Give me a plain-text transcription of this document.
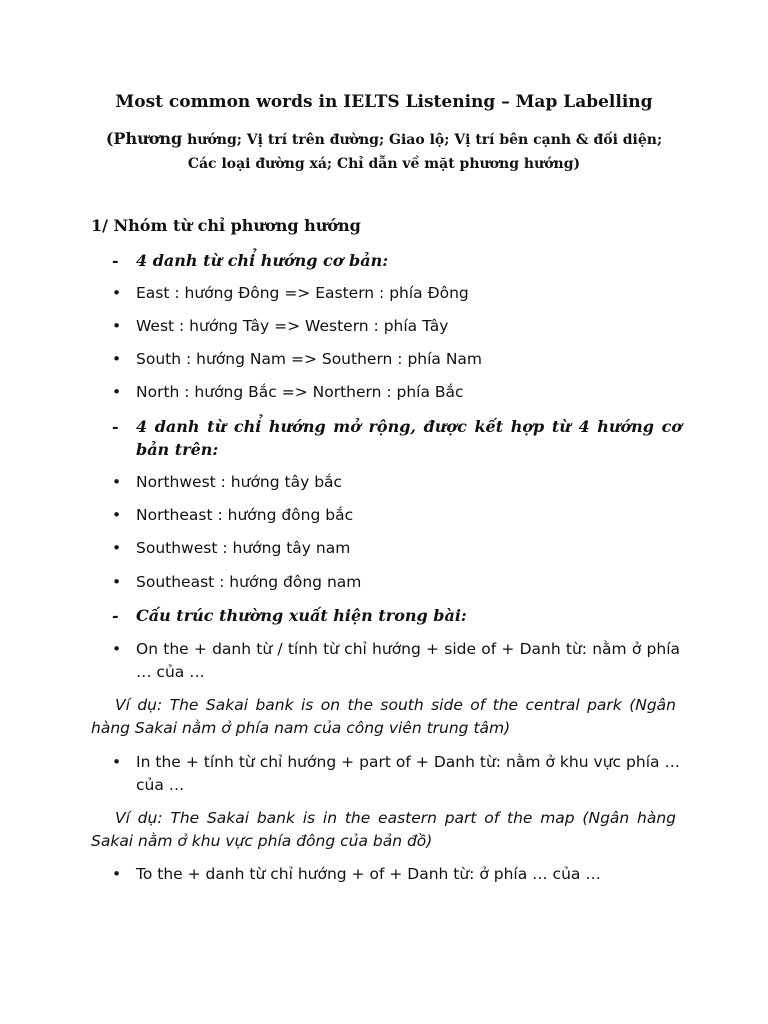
Most common words in IELTS Listening – Map Labelling
(Phương hướng; Vị trí trên đường; Giao lộ; Vị trí bên cạnh & đối diện; Các loại đường xá; Chỉ dẫn về mặt phương hướng)
1/ Nhóm từ chỉ phương hướng
- 4 danh từ chỉ hướng cơ bản:
• East : hướng Đông => Eastern : phía Đông
• West : hướng Tây => Western : phía Tây
• South : hướng Nam => Southern : phía Nam
• North : hướng Bắc => Northern : phía Bắc
- 4 danh từ chỉ hướng mở rộng, được kết hợp từ 4 hướng cơ bản trên:
• Northwest : hướng tây bắc
• Northeast : hướng đông bắc
• Southwest : hướng tây nam
• Southeast : hướng đông nam
- Cấu trúc thường xuất hiện trong bài:
• On the + danh từ / tính từ chỉ hướng + side of + Danh từ: nằm ở phía … của …
Ví dụ: The Sakai bank is on the south side of the central park (Ngân hàng Sakai nằm ở phía nam của công viên trung tâm)
• In the + tính từ chỉ hướng + part of + Danh từ: nằm ở khu vực phía … của …
Ví dụ: The Sakai bank is in the eastern part of the map (Ngân hàng Sakai nằm ở khu vực phía đông của bản đồ)
• To the + danh từ chỉ hướng + of + Danh từ: ở phía … của …
